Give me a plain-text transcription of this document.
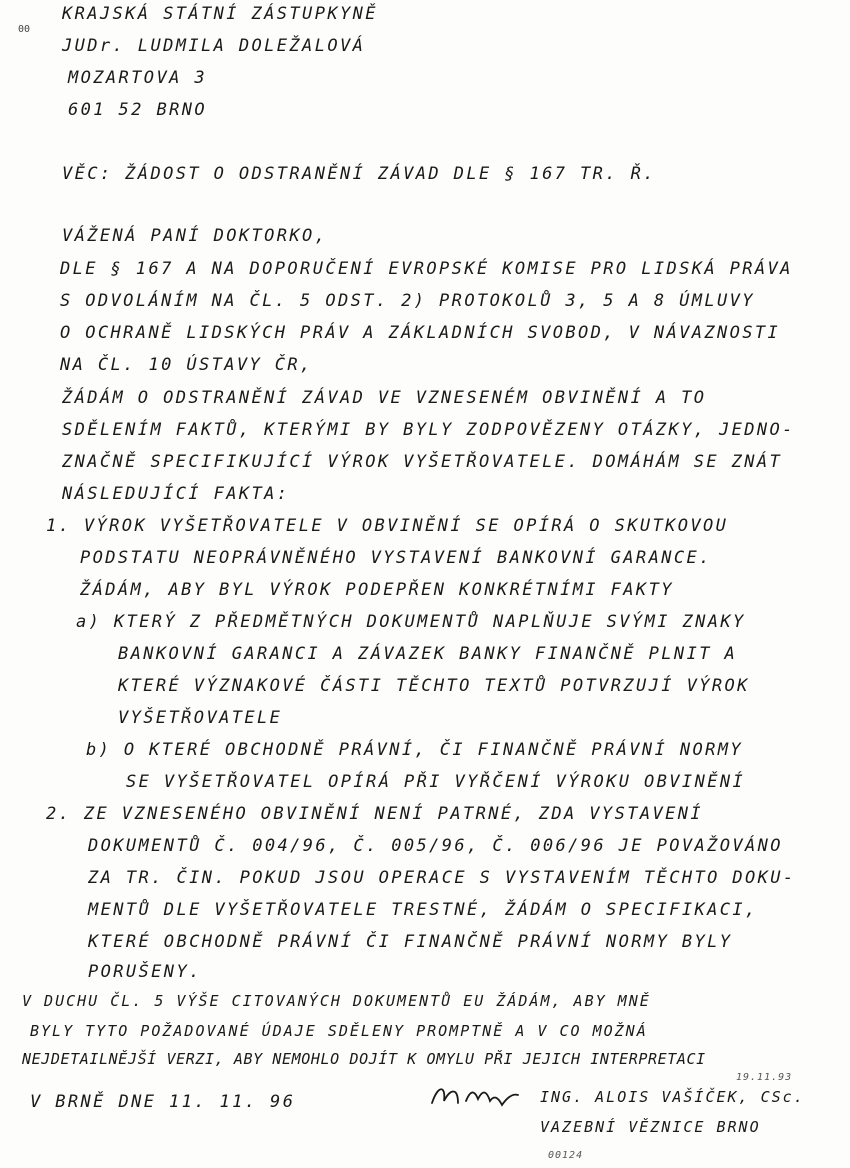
00
KRAJSKÁ STÁTNÍ ZÁSTUPKYNĚ
JUDr. LUDMILA DOLEŽALOVÁ
MOZARTOVA 3
601 52 BRNO
VĚC: ŽÁDOST O ODSTRANĚNÍ ZÁVAD DLE § 167 TR. Ř.
VÁŽENÁ PANÍ DOKTORKO,
DLE § 167 A NA DOPORUČENÍ EVROPSKÉ KOMISE PRO LIDSKÁ PRÁVA
S ODVOLÁNÍM NA ČL. 5 ODST. 2) PROTOKOLŮ 3, 5 A 8 ÚMLUVY
O OCHRANĚ LIDSKÝCH PRÁV A ZÁKLADNÍCH SVOBOD, V NÁVAZNOSTI
NA ČL. 10 ÚSTAVY ČR,
ŽÁDÁM O ODSTRANĚNÍ ZÁVAD VE VZNESENÉM OBVINĚNÍ A TO
SDĚLENÍM FAKTŮ, KTERÝMI BY BYLY ZODPOVĚZENY OTÁZKY, JEDNO-
ZNAČNĚ SPECIFIKUJÍCÍ VÝROK VYŠETŘOVATELE. DOMÁHÁM SE ZNÁT
NÁSLEDUJÍCÍ FAKTA:
1. VÝROK VYŠETŘOVATELE V OBVINĚNÍ SE OPÍRÁ O SKUTKOVOU
PODSTATU NEOPRÁVNĚNÉHO VYSTAVENÍ BANKOVNÍ GARANCE.
ŽÁDÁM, ABY BYL VÝROK PODEPŘEN KONKRÉTNÍMI FAKTY
a) KTERÝ Z PŘEDMĚTNÝCH DOKUMENTŮ NAPLŇUJE SVÝMI ZNAKY
BANKOVNÍ GARANCI A ZÁVAZEK BANKY FINANČNĚ PLNIT A
KTERÉ VÝZNAKOVÉ ČÁSTI TĚCHTO TEXTŮ POTVRZUJÍ VÝROK
VYŠETŘOVATELE
b) O KTERÉ OBCHODNĚ PRÁVNÍ, ČI FINANČNĚ PRÁVNÍ NORMY
SE VYŠETŘOVATEL OPÍRÁ PŘI VYŘČENÍ VÝROKU OBVINĚNÍ
2. ZE VZNESENÉHO OBVINĚNÍ NENÍ PATRNÉ, ZDA VYSTAVENÍ
DOKUMENTŮ Č. 004/96, Č. 005/96, Č. 006/96 JE POVAŽOVÁNO
ZA TR. ČIN. POKUD JSOU OPERACE S VYSTAVENÍM TĚCHTO DOKU-
MENTŮ DLE VYŠETŘOVATELE TRESTNÉ, ŽÁDÁM O SPECIFIKACI,
KTERÉ OBCHODNĚ PRÁVNÍ ČI FINANČNĚ PRÁVNÍ NORMY BYLY
PORUŠENY.
V DUCHU ČL. 5 VÝŠE CITOVANÝCH DOKUMENTŮ EU ŽÁDÁM, ABY MNĚ
BYLY TYTO POŽADOVANÉ ÚDAJE SDĚLENY PROMPTNĚ A V CO MOŽNÁ
NEJDETAILNĚJŠÍ VERZI, ABY NEMOHLO DOJÍT K OMYLU PŘI JEJICH INTERPRETACI
V BRNĚ DNE 11. 11. 96
19.11.93
ING. ALOIS VAŠÍČEK, CSc.
VAZEBNÍ VĚZNICE BRNO
00124
